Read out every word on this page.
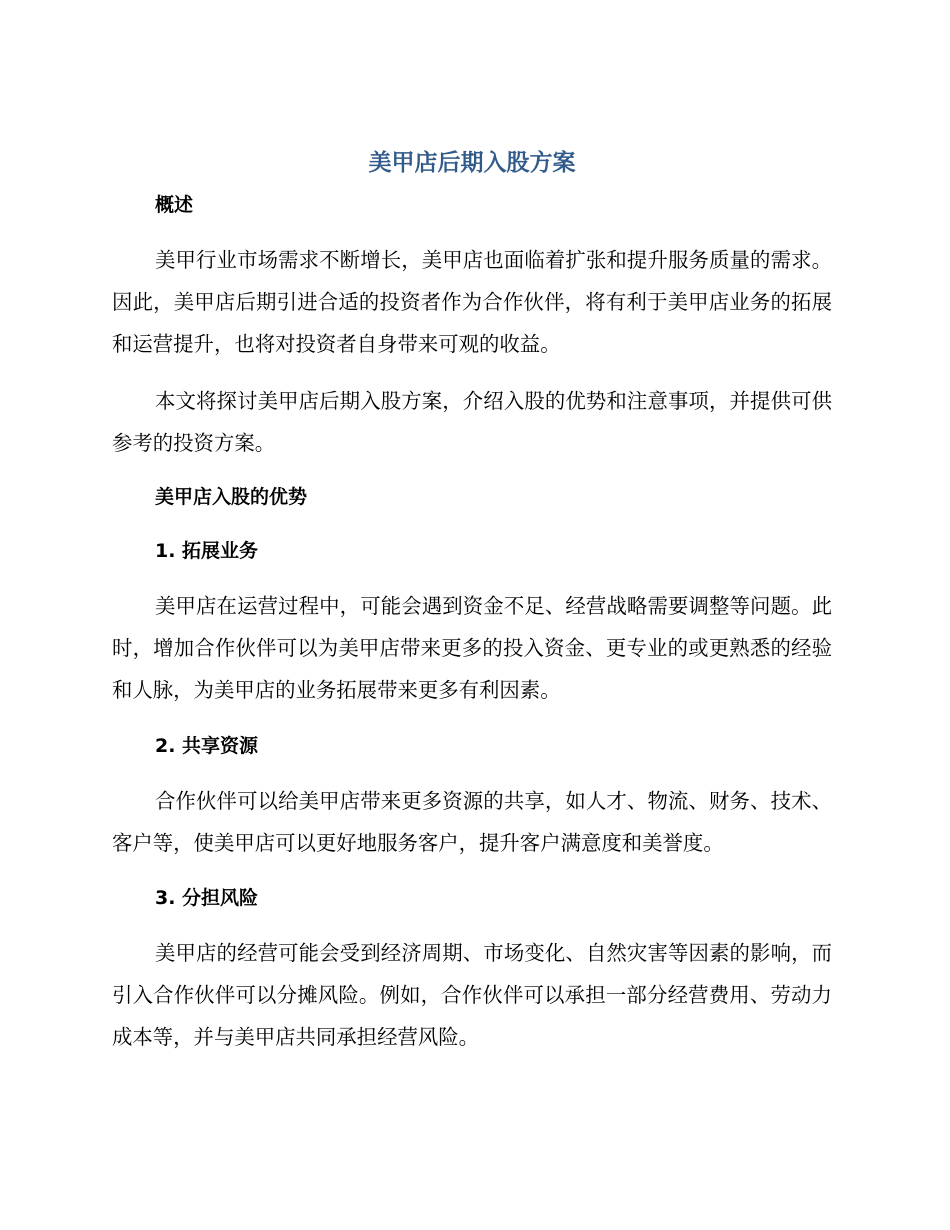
美甲店后期入股方案
概述
美甲行业市场需求不断增长，美甲店也面临着扩张和提升服务质量的需求。因此，美甲店后期引进合适的投资者作为合作伙伴，将有利于美甲店业务的拓展和运营提升，也将对投资者自身带来可观的收益。
本文将探讨美甲店后期入股方案，介绍入股的优势和注意事项，并提供可供参考的投资方案。
美甲店入股的优势
1. 拓展业务
美甲店在运营过程中，可能会遇到资金不足、经营战略需要调整等问题。此时，增加合作伙伴可以为美甲店带来更多的投入资金、更专业的或更熟悉的经验和人脉，为美甲店的业务拓展带来更多有利因素。
2. 共享资源
合作伙伴可以给美甲店带来更多资源的共享，如人才、物流、财务、技术、客户等，使美甲店可以更好地服务客户，提升客户满意度和美誉度。
3. 分担风险
美甲店的经营可能会受到经济周期、市场变化、自然灾害等因素的影响，而引入合作伙伴可以分摊风险。例如，合作伙伴可以承担一部分经营费用、劳动力成本等，并与美甲店共同承担经营风险。
